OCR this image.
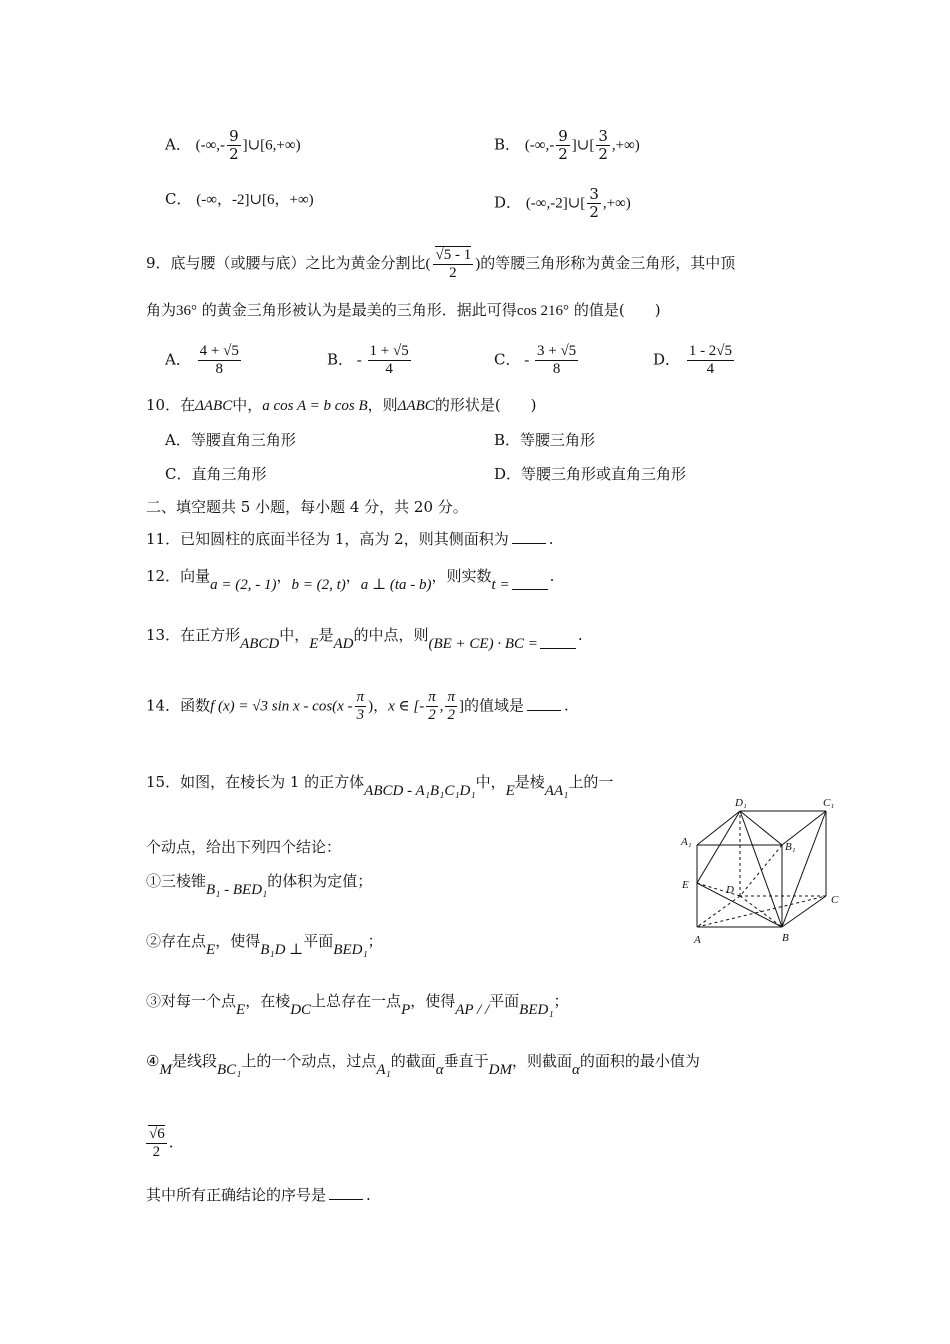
A． (-∞,- $\frac{9}{2}$ ]∪[6,+∞)	B． (-∞,- $\frac{9}{2}$ ]∪[ $\frac{3}{2}$ ,+∞)
C． (-∞，-2]∪[6，+∞)	D． (-∞,-2]∪[ $\frac{3}{2}$ ,+∞)
9．底与腰（或腰与底）之比为黄金分割比( $\frac{√5 - 1}{2}$ )的等腰三角形称为黄金三角形，其中顶
角为36° 的黄金三角形被认为是最美的三角形．据此可得cos 216° 的值是(　　)
A． $\frac{4 + √5}{8}$	B． - $\frac{1 + √5}{4}$	C． - $\frac{3 + √5}{8}$	D． $\frac{1 - 2√5}{4}$
10．在ΔABC中，a cos A = b cos B，则ΔABC的形状是(　　)
A．等腰直角三角形	B．等腰三角形
C．直角三角形	D．等腰三角形或直角三角形
二、填空题共 5 小题，每小题 4 分，共 20 分。
11．已知圆柱的底面半径为 1，高为 2，则其侧面积为	.
12．向量a = (2, - 1)，b = (2, t)，a ⊥ (ta - b)，则实数t =	.
13．在正方形ABCD中，E是AD的中点，则(BE + CE) · BC =	.
14．函数f (x) = √3 sin x - $\cos(x - \frac{\pi}{3}$ )，x ∈ [- $\frac{\pi}{2}$ , $\frac{\pi}{2}$ ]的值域是	.
15．如图，在棱长为 1 的正方体ABCD - A₁B₁C₁D₁中，E是棱AA₁上的一
个动点，给出下列四个结论：
①三棱锥B₁ - BED₁的体积为定值；
②存在点E，使得B₁D ⊥平面BED₁；
③对每一个点E，在棱DC上总存在一点P，使得AP / /平面BED₁；
④M是线段BC₁上的一个动点，过点A₁的截面α垂直于DM，则截面α的面积的最小值为
$\frac{√6}{2}$ .
其中所有正确结论的序号是	.
A	B
C
D
A₁	B₁
C₁
D₁
E
